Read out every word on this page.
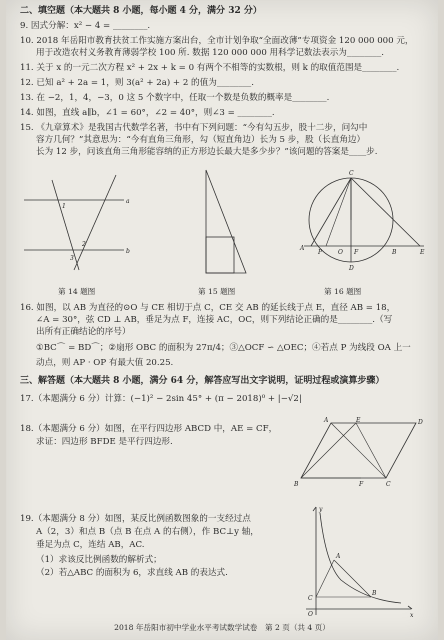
二、填空题（本大题共 8 小题，每小题 4 分，满分 32 分）
9. 因式分解：x² − 4 = ________.
10. 2018 年岳阳市教育扶贫工作实施方案出台，全市计划争取“全面改薄”专项资金 120 000 000 元，
用于改造农村义务教育薄弱学校 100 所. 数据 120 000 000 用科学记数法表示为________.
11. 关于 x 的一元二次方程 x² + 2x + k = 0 有两个不相等的实数根，则 k 的取值范围是________.
12. 已知 a² + 2a = 1，则 3(a² + 2a) + 2 的值为________.
13. 在 −2，1，4，−3，0 这 5 个数字中，任取一个数是负数的概率是________.
14. 如图，直线 a∥b，∠1 = 60°，∠2 = 40°，则∠3 = ________.
15. 《九章算术》是我国古代数学名著，书中有下列问题：“今有勾五步，股十二步，问勾中
容方几何？”其意思为：“今有直角三角形，勾（短直角边）长为 5 步，股（长直角边）
长为 12 步，问该直角三角形能容纳的正方形边长最大是多少步？”该问题的答案是____步.
a
b
1
2
3
第 14 题图	第 15 题图
A
B
C
D
E
F
P	O
第 16 题图
16. 如图，以 AB 为直径的⊙O 与 CE 相切于点 C，CE 交 AB 的延长线于点 E，直径 AB = 18，
∠A = 30°，弦 CD ⊥ AB，垂足为点 F，连接 AC，OC，则下列结论正确的是________.（写
出所有正确结论的序号）
①BC⌒ = BD⌒；②扇形 OBC 的面积为 27π/4；③△OCF ∽ △OEC；④若点 P 为线段 OA 上一
动点，则 AP · OP 有最大值 20.25.
三、解答题（本大题共 8 小题，满分 64 分，解答应写出文字说明，证明过程或演算步骤）
17.（本题满分 6 分）计算：(−1)² − 2sin 45° + (π − 2018)⁰ + |−√2|
18.（本题满分 6 分）如图，在平行四边形 ABCD 中，AE = CF，
求证：四边形 BFDE 是平行四边形.
A
B	C
D
E
F
19.（本题满分 8 分）如图，某反比例函数图象的一支经过点
A（2，3）和点 B（点 B 在点 A 的右侧），作 BC⊥y 轴，
垂足为点 C，连结 AB，AC.
（1）求该反比例函数的解析式；
（2）若△ABC 的面积为 6，求直线 AB 的表达式.
y
x
O
A
B
C
2018 年岳阳市初中学业水平考试数学试卷　第 2 页（共 4 页）
